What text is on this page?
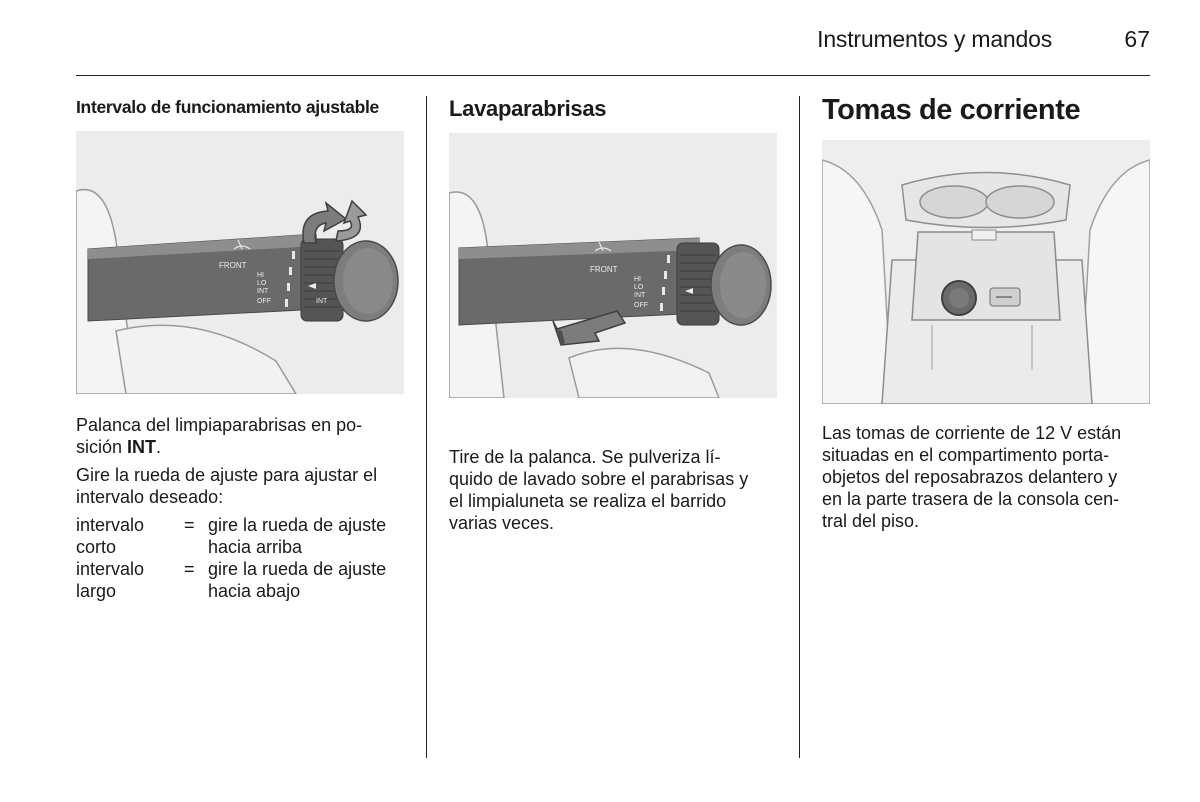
Instrumentos y mandos	67
Intervalo de funcionamiento ajustable
FRONT
HI
LO
INT
OFF	INT

Palanca del limpiaparabrisas en po-
sición INT.

Gire la rueda de ajuste para ajustar el intervalo deseado:

intervalo
corto	=	gire la rueda de ajuste
hacia arriba
intervalo
largo	=	gire la rueda de ajuste
hacia abajo
Lavaparabrisas
FRONT
HI
LO
INT
OFF

Tire de la palanca. Se pulveriza lí-
quido de lavado sobre el parabrisas y
el limpialuneta se realiza el barrido
varias veces.

Tomas de corriente

Las tomas de corriente de 12 V están
situadas en el compartimento porta-
objetos del reposabrazos delantero y
en la parte trasera de la consola cen-
tral del piso.
